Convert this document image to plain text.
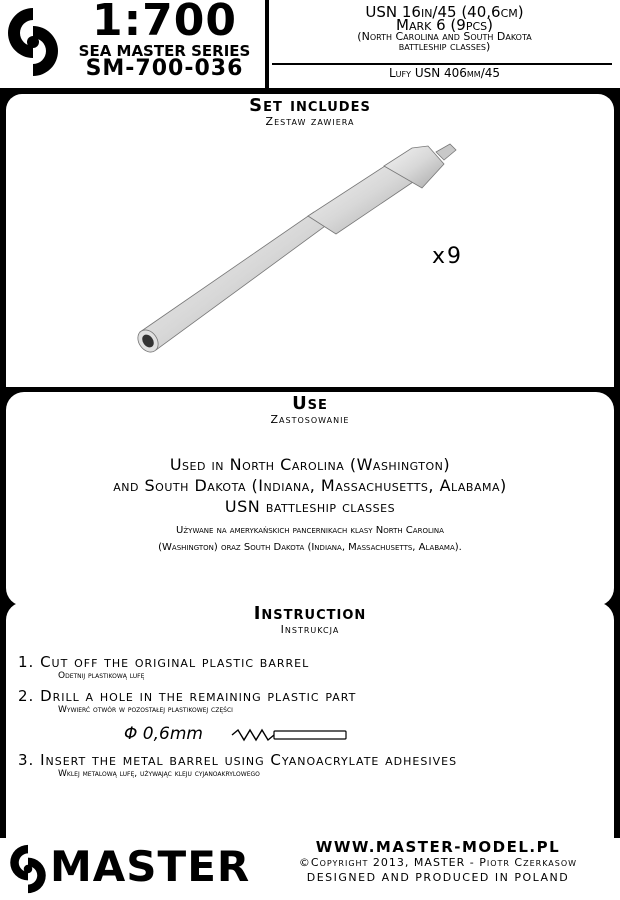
1:700
SEA MASTER SERIES
SM-700-036
USN 16in/45 (40,6cm)
Mark 6 (9pcs)
(North Carolina and South Dakota
battleship classes)
Lufy USN 406mm/45
Set includes
Zestaw zawiera
x9
Use
Zastosowanie
Used in North Carolina (Washington)
and South Dakota (Indiana, Massachusetts, Alabama)
USN battleship classes
Używane na amerykańskich pancernikach klasy North Carolina
(Washington) oraz South Dakota (Indiana, Massachusetts, Alabama).
Instruction
Instrukcja
1. Cut off the original plastic barrel
Odetnij plastikową lufę
2. Drill a hole in the remaining plastic part
Wywierć otwór w pozostałej plastikowej części
Φ 0,6mm
3. Insert the metal barrel using Cyanoacrylate adhesives
Wklej metalową lufę, używając kleju cyjanoakrylowego
MASTER	WWW.MASTER-MODEL.PL
©Copyright 2013, MASTER - Piotr Czerkasow
DESIGNED AND PRODUCED IN POLAND
